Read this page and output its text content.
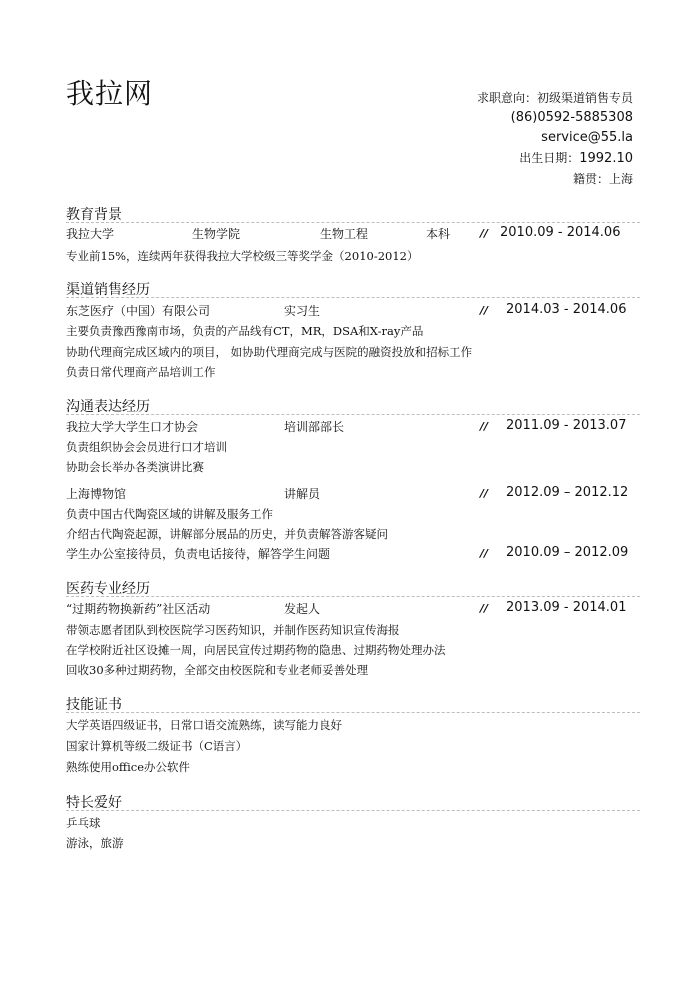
我拉网	求职意向：初级渠道销售专员
(86)0592-5885308
service@55.la
出生日期：1992.10
籍贯：上海
教育背景
我拉大学	生物学院	生物工程	本科	// 2010.09 - 2014.06
专业前15%，连续两年获得我拉大学校级三等奖学金（2010-2012）
渠道销售经历
东芝医疗（中国）有限公司	实习生	// 2014.03 - 2014.06
主要负责豫西豫南市场，负责的产品线有CT，MR，DSA和X-ray产品
协助代理商完成区域内的项目， 如协助代理商完成与医院的融资投放和招标工作
负责日常代理商产品培训工作
沟通表达经历
我拉大学大学生口才协会	培训部部长	// 2011.09 - 2013.07
负责组织协会会员进行口才培训
协助会长举办各类演讲比赛
上海博物馆	讲解员	// 2012.09 – 2012.12
负责中国古代陶瓷区域的讲解及服务工作
介绍古代陶瓷起源，讲解部分展品的历史，并负责解答游客疑问
学生办公室接待员，负责电话接待，解答学生问题	// 2010.09 – 2012.09
医药专业经历
“过期药物换新药”社区活动	发起人	// 2013.09 - 2014.01
带领志愿者团队到校医院学习医药知识，并制作医药知识宣传海报
在学校附近社区设摊一周，向居民宣传过期药物的隐患、过期药物处理办法
回收30多种过期药物，全部交由校医院和专业老师妥善处理
技能证书
大学英语四级证书，日常口语交流熟练，读写能力良好
国家计算机等级二级证书（C语言）
熟练使用office办公软件
特长爱好
乒乓球
游泳，旅游
